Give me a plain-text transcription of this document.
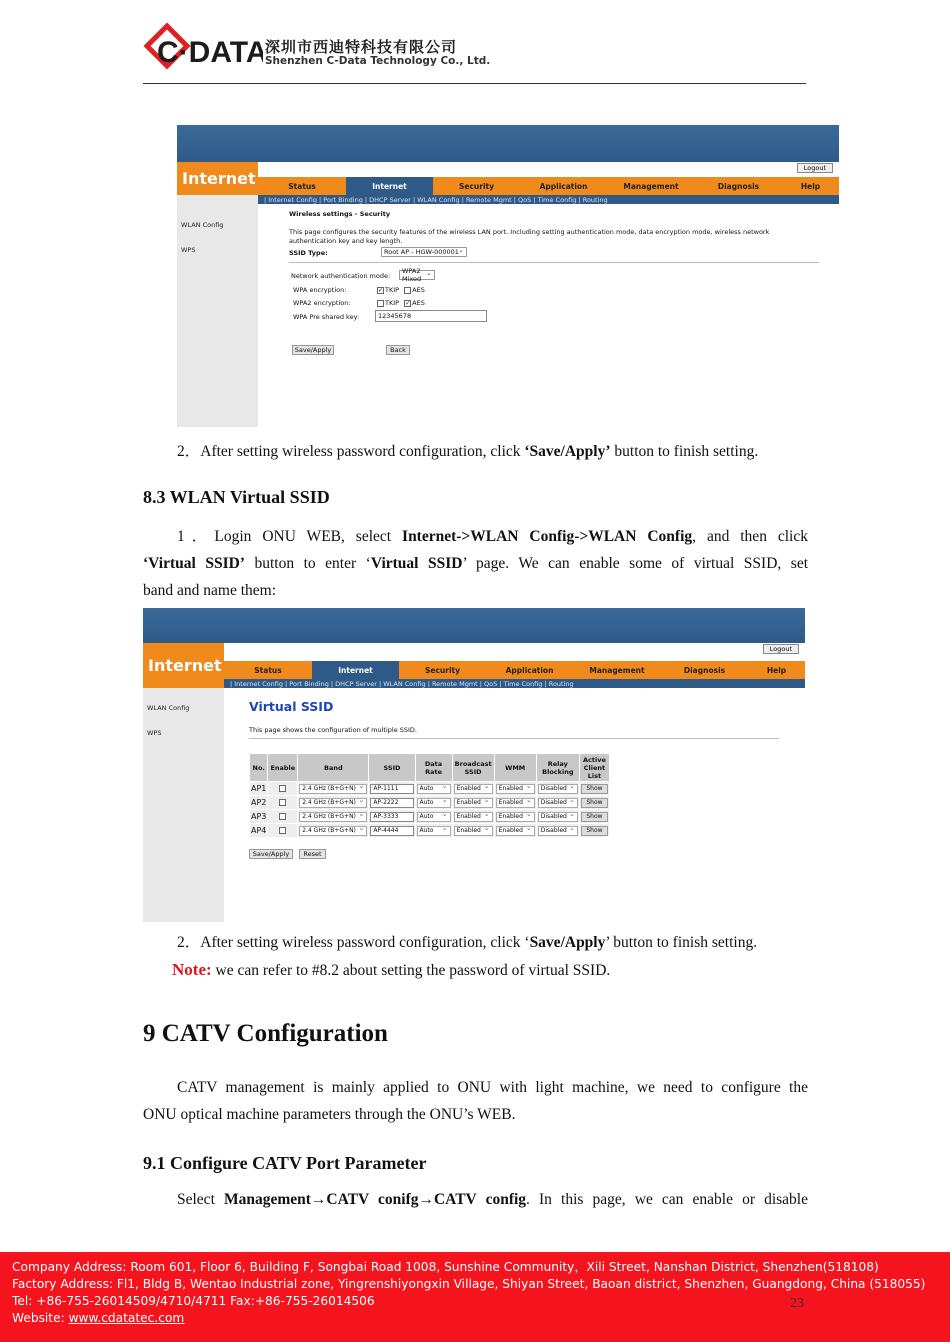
C·DATA
深圳市西迪特科技有限公司
Shenzhen C-Data Technology Co., Ltd.
Gateway Name: Home Gateway	Logout
Internet	Status	Internet	Security	Application	Management	Diagnosis	Help
| Internet Config | Port Binding | DHCP Server | WLAN Config | Remote Mgmt | QoS | Time Config | Routing
WLAN Config
WPS
Wireless settings - Security
This page configures the security features of the wireless LAN port. Including setting authentication mode, data encryption mode, wireless network authentication key and key length.
SSID Type:	Root AP - HGW-000001 ⌄
Network authentication mode:
WPA2 Mixed ⌄
WPA encryption:	✓ TKIP AES
WPA2 encryption:	TKIP ✓ AES
WPA Pre shared key:	12345678
Save/Apply	Back
2．After setting wireless password configuration, click ‘Save/Apply’ button to finish setting.
8.3 WLAN Virtual SSID
1．Login ONU WEB, select Internet->WLAN Config->WLAN Config, and then click
‘Virtual SSID’ button to enter ‘Virtual SSID’ page. We can enable some of virtual SSID, set
band and name them:
Gateway Name: Home Gateway	Logout
Internet	Status	Internet	Security	Application	Management	Diagnosis	Help
| Internet Config | Port Binding | DHCP Server | WLAN Config | Remote Mgmt | QoS | Time Config | Routing
WLAN Config
WPS
Virtual SSID
This page shows the configuration of multiple SSID.
No.	Enable	Band	SSID	Data Rate	Broadcast SSID	WMM	Relay Blocking	Active Client List
AP1		2.4 GHz (B+G+N) ⌄	AP-1111	Auto ⌄	Enabled ⌄	Enabled ⌄	Disabled ⌄	Show

AP2		2.4 GHz (B+G+N) ⌄	AP-2222	Auto ⌄	Enabled ⌄	Enabled ⌄	Disabled ⌄	Show

AP3		2.4 GHz (B+G+N) ⌄	AP-3333	Auto ⌄	Enabled ⌄	Enabled ⌄	Disabled ⌄	Show

AP4		2.4 GHz (B+G+N) ⌄	AP-4444	Auto ⌄	Enabled ⌄	Enabled ⌄	Disabled ⌄	Show
Save/Apply	Reset
2．After setting wireless password configuration, click ‘Save/Apply’ button to finish setting.
Note: we can refer to #8.2 about setting the password of virtual SSID.
9 CATV Configuration
CATV management is mainly applied to ONU with light machine, we need to configure the
ONU optical machine parameters through the ONU’s WEB.
9.1 Configure CATV Port Parameter
Select Management→CATV conifg→CATV config. In this page, we can enable or disable
Company Address: Room 601, Floor 6, Building F, Songbai Road 1008, Sunshine Community，Xili Street, Nanshan District, Shenzhen(518108)
Factory Address: Fl1, Bldg B, Wentao Industrial zone, Yingrenshiyongxin Village, Shiyan Street, Baoan district, Shenzhen, Guangdong, China (518055)
Tel: +86-755-26014509/4710/4711 Fax:+86-755-26014506
Website: www.cdatatec.com
23
